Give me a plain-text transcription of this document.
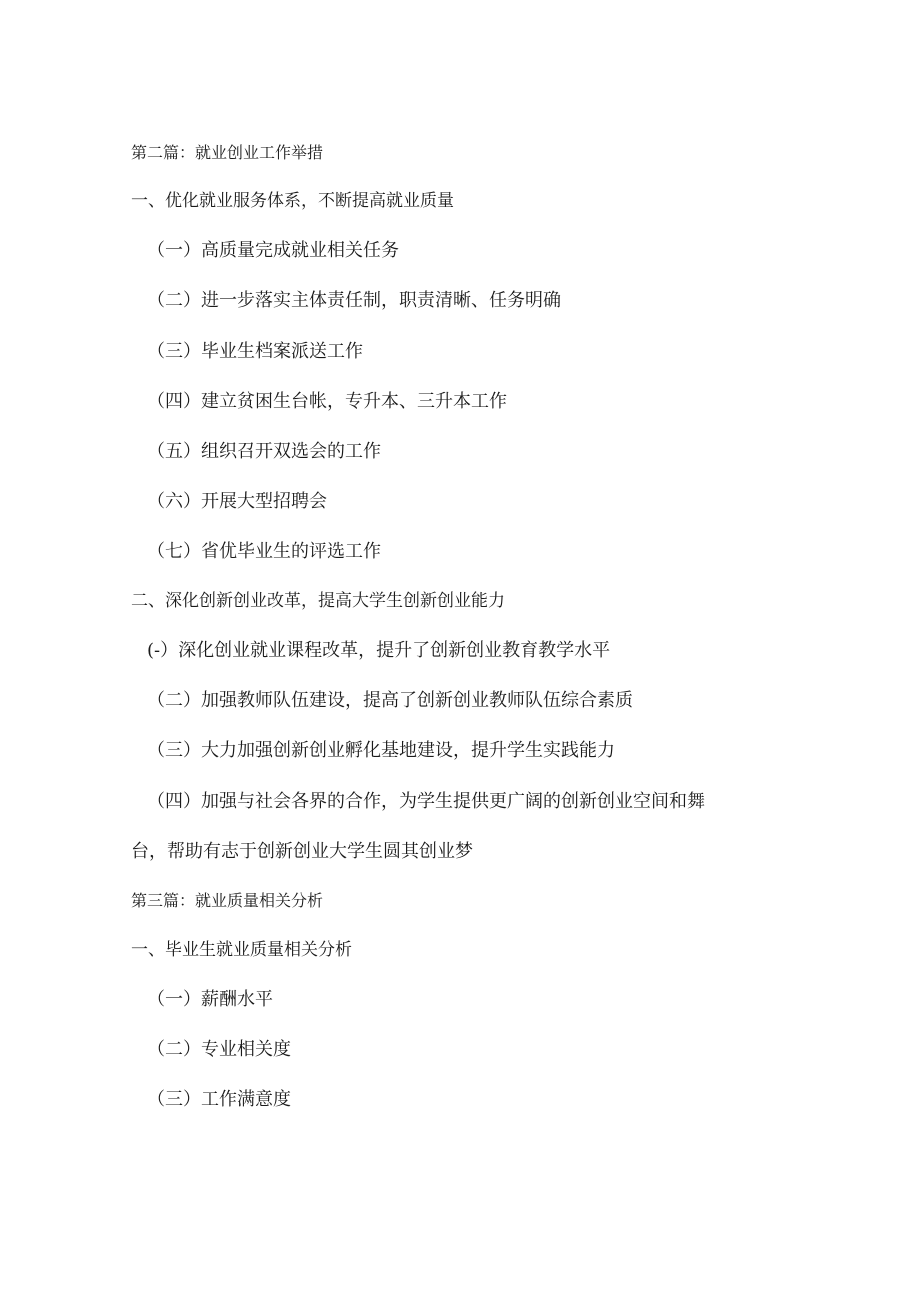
第二篇：就业创业工作举措
一、优化就业服务体系，不断提高就业质量
（一）高质量完成就业相关任务
（二）进一步落实主体责任制，职责清晰、任务明确
（三）毕业生档案派送工作
（四）建立贫困生台帐，专升本、三升本工作
（五）组织召开双选会的工作
（六）开展大型招聘会
（七）省优毕业生的评选工作
二、深化创新创业改革，提高大学生创新创业能力
(-）深化创业就业课程改革，提升了创新创业教育教学水平
（二）加强教师队伍建设，提高了创新创业教师队伍综合素质
（三）大力加强创新创业孵化基地建设，提升学生实践能力
（四）加强与社会各界的合作，为学生提供更广阔的创新创业空间和舞
台，帮助有志于创新创业大学生圆其创业梦
第三篇：就业质量相关分析
一、毕业生就业质量相关分析
（一）薪酬水平
（二）专业相关度
（三）工作满意度
